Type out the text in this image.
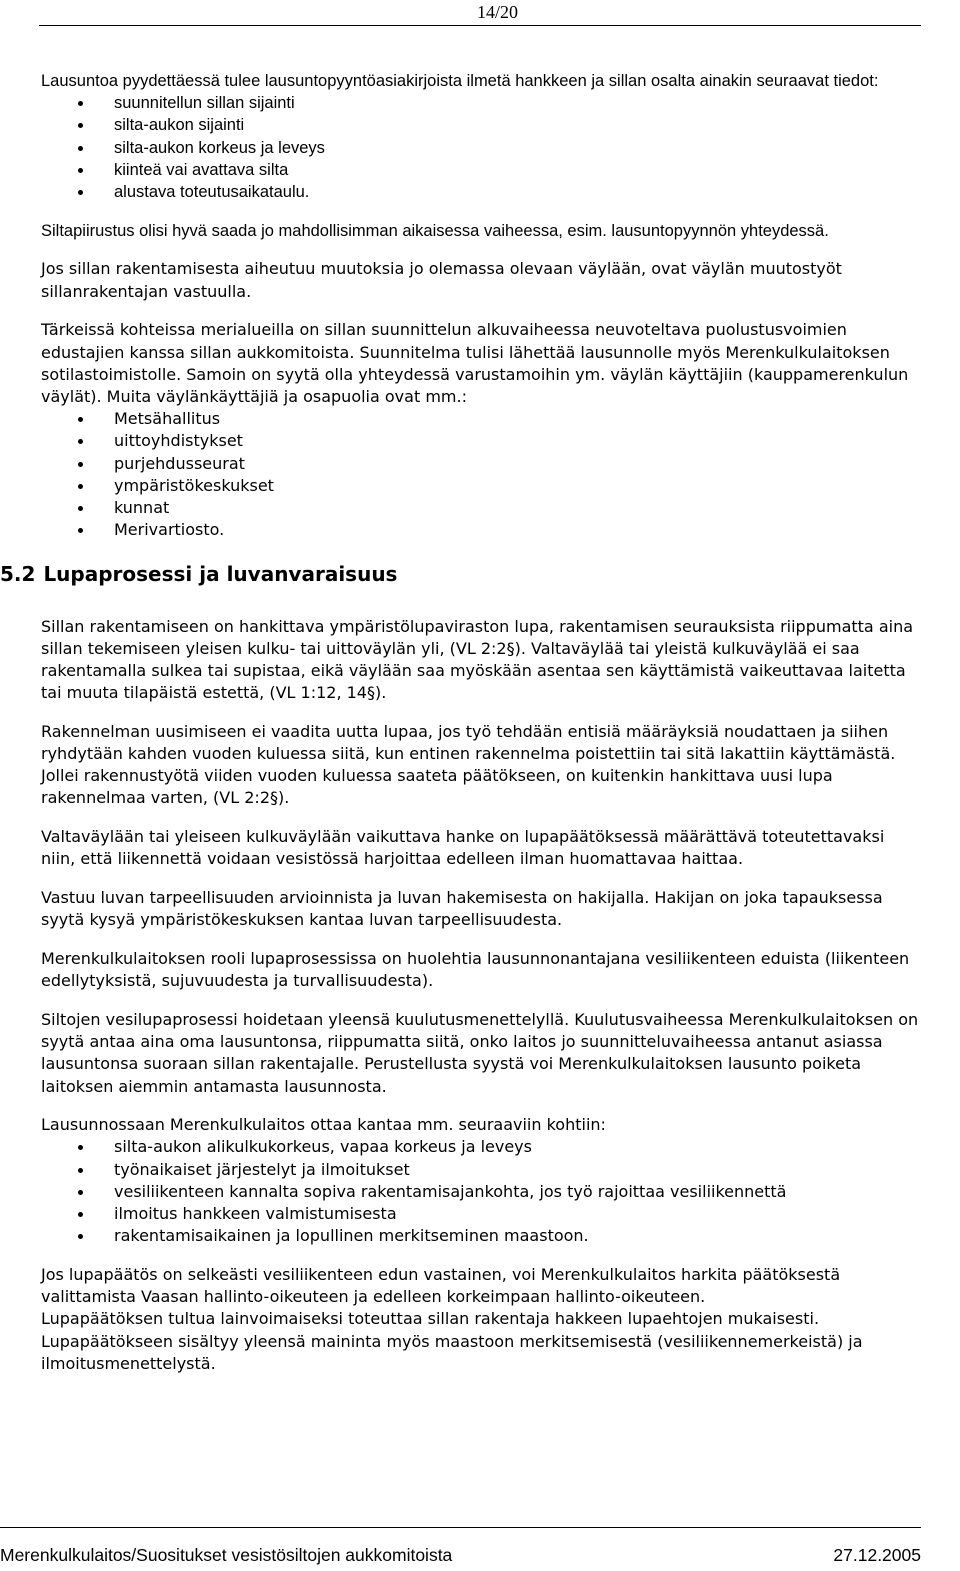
14/20

Lausuntoa pyydettäessä tulee lausuntopyyntöasiakirjoista ilmetä hankkeen ja sillan osalta ainakin seuraavat tiedot:

suunnitellun sillan sijainti
silta-aukon sijainti
silta-aukon korkeus ja leveys
kiinteä vai avattava silta
alustava toteutusaikataulu.

Siltapiirustus olisi hyvä saada jo mahdollisimman aikaisessa vaiheessa, esim. lausuntopyynnön yhteydessä.

Jos sillan rakentamisesta aiheutuu muutoksia jo olemassa olevaan väylään, ovat väylän muutostyöt sillanrakentajan vastuulla.

Tärkeissä kohteissa merialueilla on sillan suunnittelun alkuvaiheessa neuvoteltava puolustusvoimien edustajien kanssa sillan aukkomitoista. Suunnitelma tulisi lähettää lausunnolle myös Merenkulkulaitoksen sotilastoimistolle. Samoin on syytä olla yhteydessä varustamoihin ym. väylän käyttäjiin (kauppamerenkulun väylät). Muita väylänkäyttäjiä ja osapuolia ovat mm.:

Metsähallitus
uittoyhdistykset
purjehdusseurat
ympäristökeskukset
kunnat
Merivartiosto.
5.2 Lupaprosessi ja luvanvaraisuus

Sillan rakentamiseen on hankittava ympäristölupaviraston lupa, rakentamisen seurauksista riippumatta aina sillan tekemiseen yleisen kulku- tai uittoväylän yli, (VL 2:2§). Valtaväylää tai yleistä kulkuväylää ei saa rakentamalla sulkea tai supistaa, eikä väylään saa myöskään asentaa sen käyttämistä vaikeuttavaa laitetta tai muuta tilapäistä estettä, (VL 1:12, 14§).

Rakennelman uusimiseen ei vaadita uutta lupaa, jos työ tehdään entisiä määräyksiä noudattaen ja siihen ryhdytään kahden vuoden kuluessa siitä, kun entinen rakennelma poistettiin tai sitä lakattiin käyttämästä. Jollei rakennustyötä viiden vuoden kuluessa saateta päätökseen, on kuitenkin hankittava uusi lupa rakennelmaa varten, (VL 2:2§).

Valtaväylään tai yleiseen kulkuväylään vaikuttava hanke on lupapäätöksessä määrättävä toteutettavaksi niin, että liikennettä voidaan vesistössä harjoittaa edelleen ilman huomattavaa haittaa.

Vastuu luvan tarpeellisuuden arvioinnista ja luvan hakemisesta on hakijalla. Hakijan on joka tapauksessa syytä kysyä ympäristökeskuksen kantaa luvan tarpeellisuudesta.

Merenkulkulaitoksen rooli lupaprosessissa on huolehtia lausunnonantajana vesiliikenteen eduista (liikenteen edellytyksistä, sujuvuudesta ja turvallisuudesta).

Siltojen vesilupaprosessi hoidetaan yleensä kuulutusmenettelyllä. Kuulutusvaiheessa Merenkulkulaitoksen on syytä antaa aina oma lausuntonsa, riippumatta siitä, onko laitos jo suunnitteluvaiheessa antanut asiassa lausuntonsa suoraan sillan rakentajalle. Perustellusta syystä voi Merenkulkulaitoksen lausunto poiketa laitoksen aiemmin antamasta lausunnosta.

Lausunnossaan Merenkulkulaitos ottaa kantaa mm. seuraaviin kohtiin:

silta-aukon alikulkukorkeus, vapaa korkeus ja leveys
työnaikaiset järjestelyt ja ilmoitukset
vesiliikenteen kannalta sopiva rakentamisajankohta, jos työ rajoittaa vesiliikennettä
ilmoitus hankkeen valmistumisesta
rakentamisaikainen ja lopullinen merkitseminen maastoon.

Jos lupapäätös on selkeästi vesiliikenteen edun vastainen, voi Merenkulkulaitos harkita päätöksestä valittamista Vaasan hallinto-oikeuteen ja edelleen korkeimpaan hallinto-oikeuteen.

Lupapäätöksen tultua lainvoimaiseksi toteuttaa sillan rakentaja hakkeen lupaehtojen mukaisesti.

Lupapäätökseen sisältyy yleensä maininta myös maastoon merkitsemisestä (vesiliikennemerkeistä) ja ilmoitusmenettelystä.

Merenkulkulaitos/Suositukset vesistösiltojen aukkomitoista	27.12.2005
